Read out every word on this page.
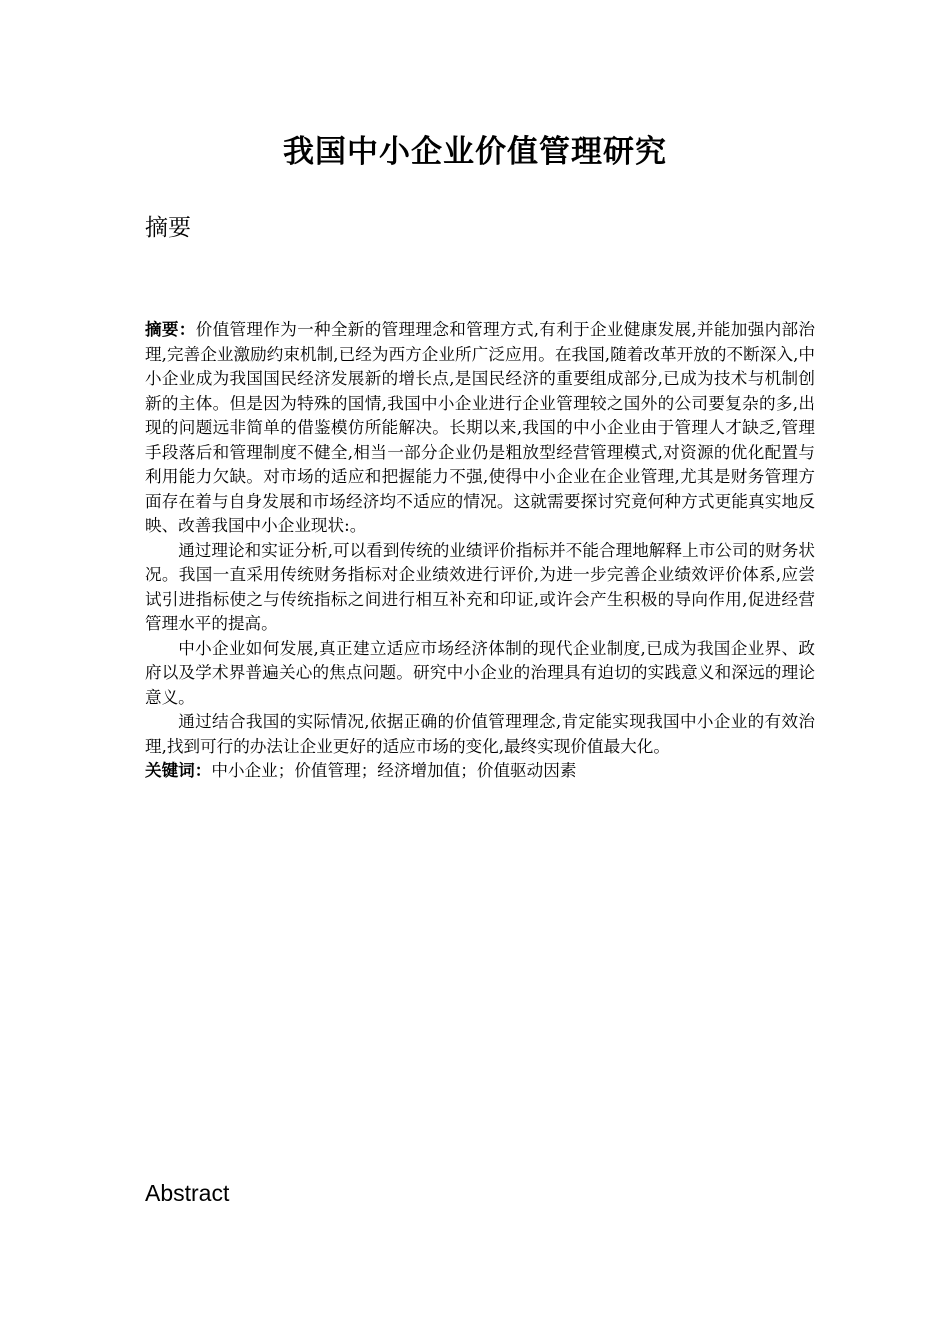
我国中小企业价值管理研究
摘要

摘要：价值管理作为一种全新的管理理念和管理方式,有利于企业健康发展,并能加强内部治理,完善企业激励约束机制,已经为西方企业所广泛应用。在我国,随着改革开放的不断深入,中小企业成为我国国民经济发展新的增长点,是国民经济的重要组成部分,已成为技术与机制创新的主体。但是因为特殊的国情,我国中小企业进行企业管理较之国外的公司要复杂的多,出现的问题远非简单的借鉴模仿所能解决。长期以来,我国的中小企业由于管理人才缺乏,管理手段落后和管理制度不健全,相当一部分企业仍是粗放型经营管理模式,对资源的优化配置与利用能力欠缺。对市场的适应和把握能力不强,使得中小企业在企业管理,尤其是财务管理方面存在着与自身发展和市场经济均不适应的情况。这就需要探讨究竟何种方式更能真实地反映、改善我国中小企业现状:。

通过理论和实证分析,可以看到传统的业绩评价指标并不能合理地解释上市公司的财务状况。我国一直采用传统财务指标对企业绩效进行评价,为进一步完善企业绩效评价体系,应尝试引进指标使之与传统指标之间进行相互补充和印证,或许会产生积极的导向作用,促进经营管理水平的提高。

中小企业如何发展,真正建立适应市场经济体制的现代企业制度,已成为我国企业界、政府以及学术界普遍关心的焦点问题。研究中小企业的治理具有迫切的实践意义和深远的理论意义。

通过结合我国的实际情况,依据正确的价值管理理念,肯定能实现我国中小企业的有效治理,找到可行的办法让企业更好的适应市场的变化,最终实现价值最大化。

关键词：中小企业；价值管理；经济增加值；价值驱动因素

Abstract
